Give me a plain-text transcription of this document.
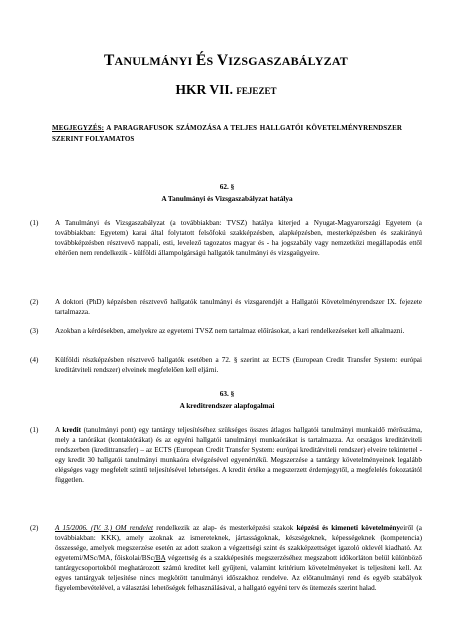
TANULMÁNYI ÉS VIZSGASZABÁLYZAT
HKR VII. fejezet
MEGJEGYZÉS: A PARAGRAFUSOK SZÁMOZÁSA A TELJES HALLGATÓI KÖVETELMÉNYRENDSZER SZERINT FOLYAMATOS
62. §
A Tanulmányi és Vizsgaszabályzat hatálya
(1) A Tanulmányi és Vizsgaszabályzat (a továbbiakban: TVSZ) hatálya kiterjed a Nyugat-Magyarországi Egyetem (a továbbiakban: Egyetem) karai által folytatott felsőfokú szakképzésben, alapképzésben, mesterképzésben és szakirányú továbbképzésben résztvevő nappali, esti, levelező tagozatos magyar és - ha jogszabály vagy nemzetközi megállapodás ettől eltérően nem rendelkezik - külföldi állampolgárságú hallgatók tanulmányi és vizsgaügyeire.
(2) A doktori (PhD) képzésben résztvevő hallgatók tanulmányi és vizsgarendjét a Hallgatói Követelményrendszer IX. fejezete tartalmazza.
(3) Azokban a kérdésekben, amelyekre az egyetemi TVSZ nem tartalmaz előírásokat, a kari rendelkezéseket kell alkalmazni.
(4) Külföldi részképzésben résztvevő hallgatók esetében a 72. § szerint az ECTS (European Credit Transfer System: európai kreditátviteli rendszer) elveinek megfelelően kell eljárni.
63. §
A kreditrendszer alapfogalmai
(1) A kredit (tanulmányi pont) egy tantárgy teljesítéséhez szükséges összes átlagos hallgatói tanulmányi munkaidő mérőszáma, mely a tanórákat (kontaktórákat) és az egyéni hallgatói tanulmányi munkaórákat is tartalmazza. Az országos kreditátviteli rendszerben (kredittranszfer) – az ECTS (European Credit Transfer System: európai kreditátviteli rendszer) elveire tekintettel - egy kredit 30 hallgatói tanulmányi munkaóra elvégzésével egyenértékű. Megszerzése a tantárgy követelményeinek legalább elégséges vagy megfelelt szintű teljesítésével lehetséges. A kredit értéke a megszerzett érdemjegytől, a megfelelés fokozatától független.
(2) A 15/2006. (IV. 3.) OM rendelet rendelkezik az alap- és mesterképzési szakok képzési és kimeneti követelményeiről (a továbbiakban: KKK), amely azoknak az ismereteknek, jártasságoknak, készségeknek, képességeknek (kompetencia) összessége, amelyek megszerzése esetén az adott szakon a végzettségi szint és szakképzettséget igazoló oklevél kiadható. Az egyetemi/MSc/MA, főiskolai/BSc/BA végzettség és a szakképesítés megszerzéséhez megszabott időkorláton belül különböző tantárgycsoportokból meghatározott számú kreditet kell gyűjteni, valamint kritérium követelményeket is teljesíteni kell. Az egyes tantárgyak teljesítése nincs megkötött tanulmányi időszakhoz rendelve. Az előtanulmányi rend és egyéb szabályok figyelembevételével, a választási lehetőségek felhasználásával, a hallgató egyéni terv és ütemezés szerint halad.
